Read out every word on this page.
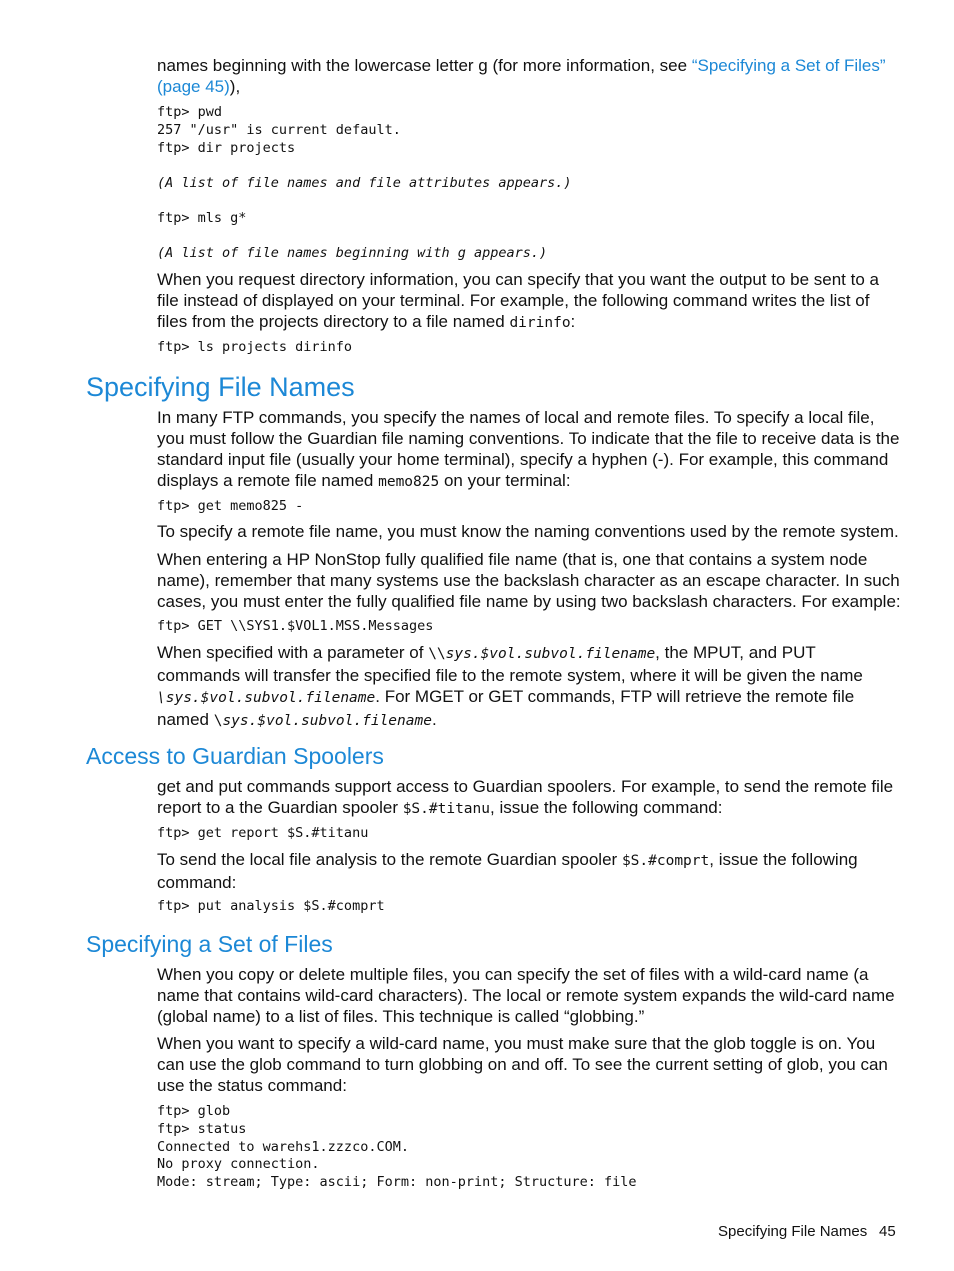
names beginning with the lowercase letter g (for more information, see “Specifying a Set of Files” (page 45)),

ftp> pwd
257 "/usr" is current default.
ftp> dir projects
(A list of file names and file attributes appears.)
ftp> mls g*
(A list of file names beginning with g appears.)

When you request directory information, you can specify that you want the output to be sent to a file instead of displayed on your terminal. For example, the following command writes the list of files from the projects directory to a file named dirinfo:

ftp> ls projects dirinfo
Specifying File Names

In many FTP commands, you specify the names of local and remote files. To specify a local file, you must follow the Guardian file naming conventions. To indicate that the file to receive data is the standard input file (usually your home terminal), specify a hyphen (-). For example, this command displays a remote file named memo825 on your terminal:

ftp> get memo825 -

To specify a remote file name, you must know the naming conventions used by the remote system.

When entering a HP NonStop fully qualified file name (that is, one that contains a system node name), remember that many systems use the backslash character as an escape character. In such cases, you must enter the fully qualified file name by using two backslash characters. For example:

ftp> GET \\SYS1.$VOL1.MSS.Messages

When specified with a parameter of \\sys.$vol.subvol.filename, the MPUT, and PUT commands will transfer the specified file to the remote system, where it will be given the name \sys.$vol.subvol.filename. For MGET or GET commands, FTP will retrieve the remote file named \sys.$vol.subvol.filename.

Access to Guardian Spoolers

get and put commands support access to Guardian spoolers. For example, to send the remote file report to a the Guardian spooler $S.#titanu, issue the following command:

ftp> get report $S.#titanu

To send the local file analysis to the remote Guardian spooler $S.#comprt, issue the following command:

ftp> put analysis $S.#comprt
Specifying a Set of Files

When you copy or delete multiple files, you can specify the set of files with a wild-card name (a name that contains wild-card characters). The local or remote system expands the wild-card name (global name) to a list of files. This technique is called “globbing.”

When you want to specify a wild-card name, you must make sure that the glob toggle is on. You can use the glob command to turn globbing on and off. To see the current setting of glob, you can use the status command:

ftp> glob
ftp> status
Connected to warehs1.zzzco.COM.
No proxy connection.
Mode: stream; Type: ascii; Form: non-print; Structure: file
Specifying File Names 45
